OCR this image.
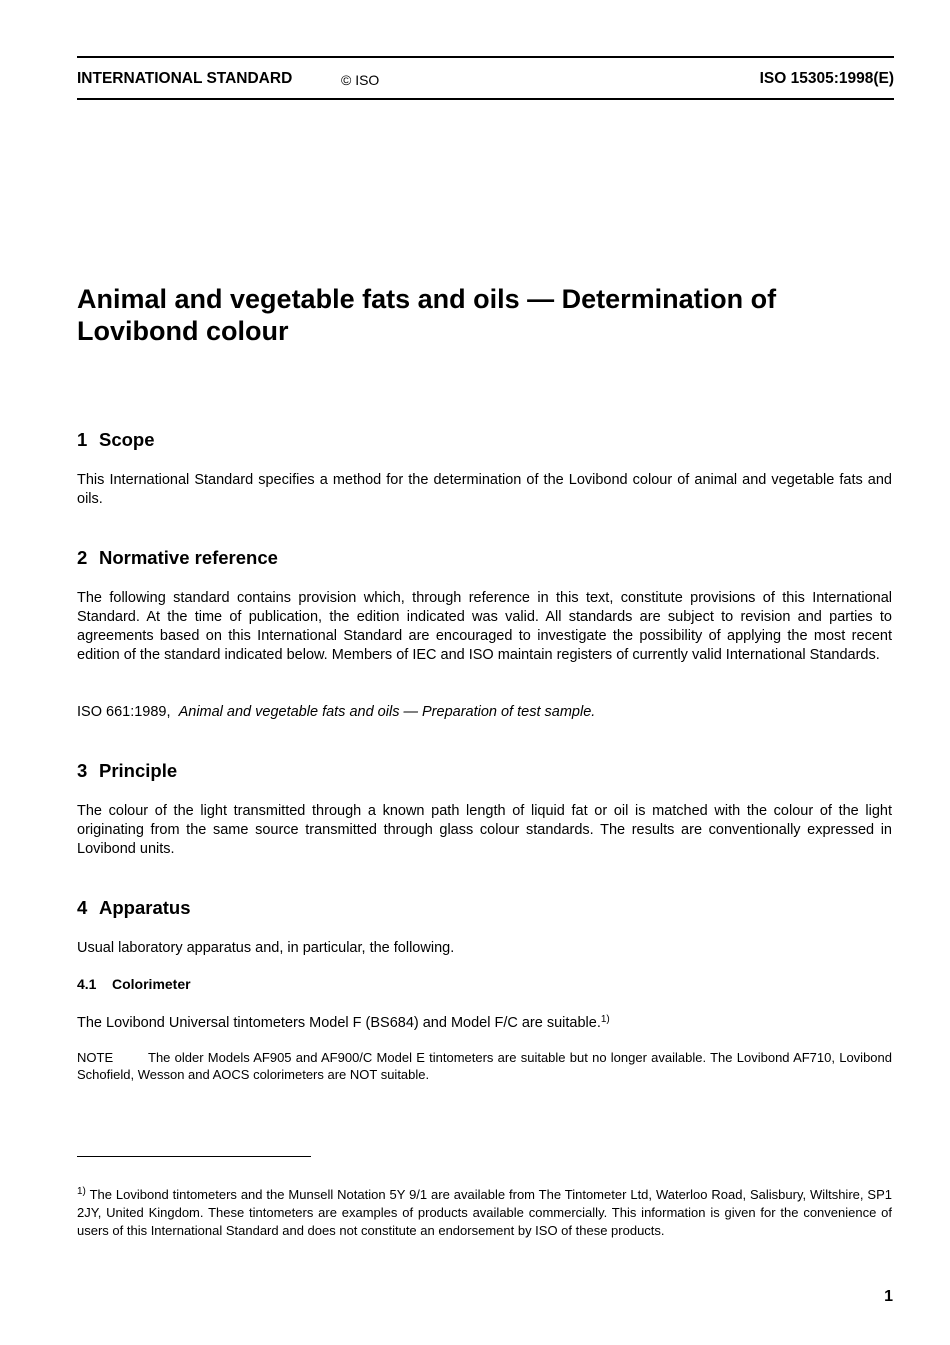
INTERNATIONAL STANDARD	© ISO	ISO 15305:1998(E)
Animal and vegetable fats and oils — Determination of Lovibond colour
1 Scope

This International Standard specifies a method for the determination of the Lovibond colour of animal and vegetable fats and oils.

2 Normative reference

The following standard contains provision which, through reference in this text, constitute provisions of this International Standard. At the time of publication, the edition indicated was valid. All standards are subject to revision and parties to agreements based on this International Standard are encouraged to investigate the possibility of applying the most recent edition of the standard indicated below. Members of IEC and ISO maintain registers of currently valid International Standards.

ISO 661:1989, Animal and vegetable fats and oils — Preparation of test sample.

3 Principle

The colour of the light transmitted through a known path length of liquid fat or oil is matched with the colour of the light originating from the same source transmitted through glass colour standards. The results are conventionally expressed in Lovibond units.

4 Apparatus

Usual laboratory apparatus and, in particular, the following.

4.1 Colorimeter

The Lovibond Universal tintometers Model F (BS684) and Model F/C are suitable.$^{1)}$

NOTE	The older Models AF905 and AF900/C Model E tintometers are suitable but no longer available. The Lovibond AF710, Lovibond Schofield, Wesson and AOCS colorimeters are NOT suitable.

$^{1)}$ The Lovibond tintometers and the Munsell Notation 5Y 9/1 are available from The Tintometer Ltd, Waterloo Road, Salisbury, Wiltshire, SP1 2JY, United Kingdom. These tintometers are examples of products available commercially. This information is given for the convenience of users of this International Standard and does not constitute an endorsement by ISO of these products.

1
